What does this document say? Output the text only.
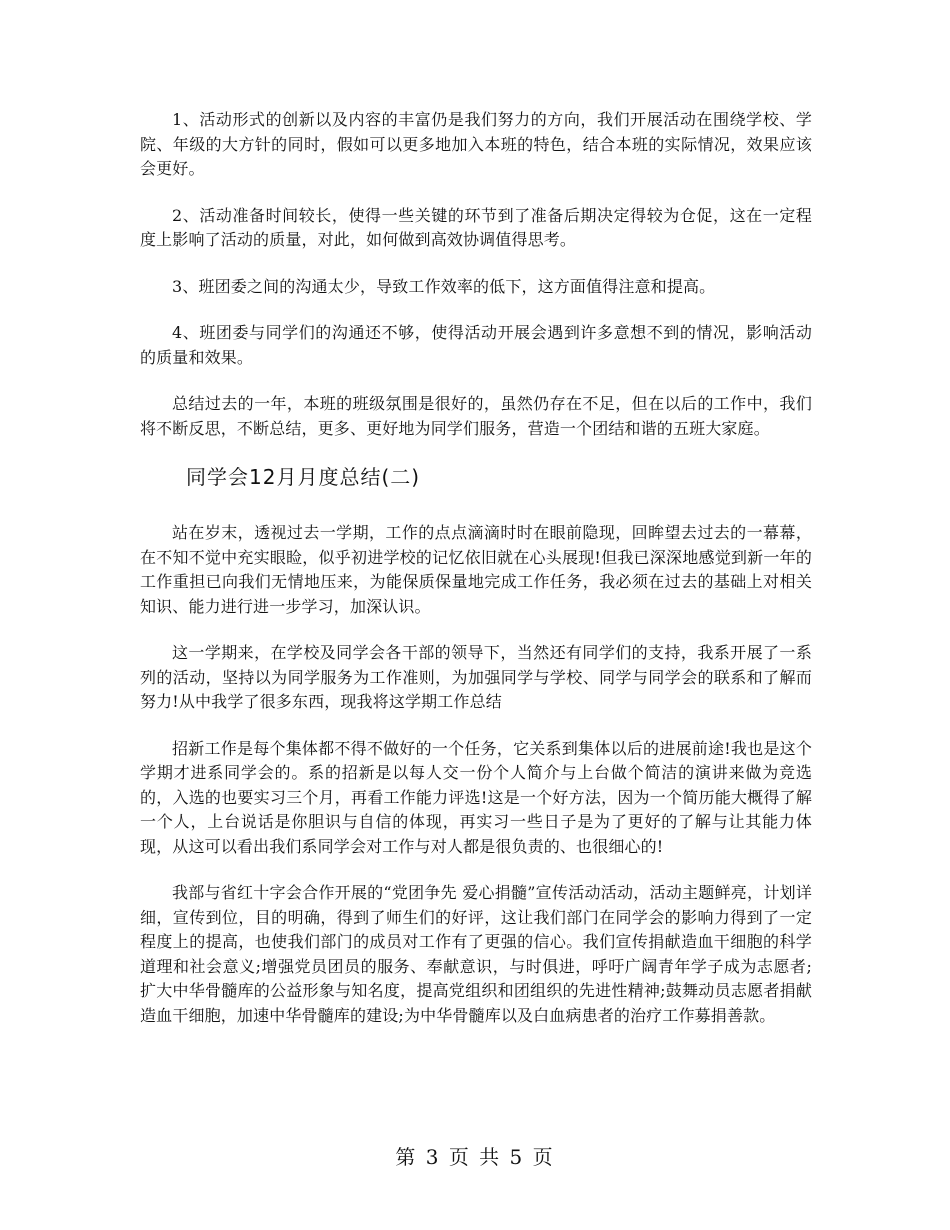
1、活动形式的创新以及内容的丰富仍是我们努力的方向，我们开展活动在围绕学校、学院、年级的大方针的同时，假如可以更多地加入本班的特色，结合本班的实际情况，效果应该会更好。

2、活动准备时间较长，使得一些关键的环节到了准备后期决定得较为仓促，这在一定程度上影响了活动的质量，对此，如何做到高效协调值得思考。

3、班团委之间的沟通太少，导致工作效率的低下，这方面值得注意和提高。

4、班团委与同学们的沟通还不够，使得活动开展会遇到许多意想不到的情况，影响活动的质量和效果。

总结过去的一年，本班的班级氛围是很好的，虽然仍存在不足，但在以后的工作中，我们将不断反思，不断总结，更多、更好地为同学们服务，营造一个团结和谐的五班大家庭。

同学会12月月度总结(二)

站在岁末，透视过去一学期，工作的点点滴滴时时在眼前隐现，回眸望去过去的一幕幕，在不知不觉中充实眼睑，似乎初进学校的记忆依旧就在心头展现!但我已深深地感觉到新一年的工作重担已向我们无情地压来，为能保质保量地完成工作任务，我必须在过去的基础上对相关知识、能力进行进一步学习，加深认识。

这一学期来，在学校及同学会各干部的领导下，当然还有同学们的支持，我系开展了一系列的活动，坚持以为同学服务为工作准则，为加强同学与学校、同学与同学会的联系和了解而努力!从中我学了很多东西，现我将这学期工作总结

招新工作是每个集体都不得不做好的一个任务，它关系到集体以后的进展前途!我也是这个学期才进系同学会的。系的招新是以每人交一份个人简介与上台做个简洁的演讲来做为竞选的，入选的也要实习三个月，再看工作能力评选!这是一个好方法，因为一个简历能大概得了解一个人，上台说话是你胆识与自信的体现，再实习一些日子是为了更好的了解与让其能力体现，从这可以看出我们系同学会对工作与对人都是很负责的、也很细心的!

我部与省红十字会合作开展的“党团争先 爱心捐髓”宣传活动活动，活动主题鲜亮，计划详细，宣传到位，目的明确，得到了师生们的好评，这让我们部门在同学会的影响力得到了一定程度上的提高，也使我们部门的成员对工作有了更强的信心。我们宣传捐献造血干细胞的科学道理和社会意义;增强党员团员的服务、奉献意识，与时俱进，呼吁广阔青年学子成为志愿者;扩大中华骨髓库的公益形象与知名度，提高党组织和团组织的先进性精神;鼓舞动员志愿者捐献造血干细胞，加速中华骨髓库的建设;为中华骨髓库以及白血病患者的治疗工作募捐善款。

第 3 页 共 5 页
